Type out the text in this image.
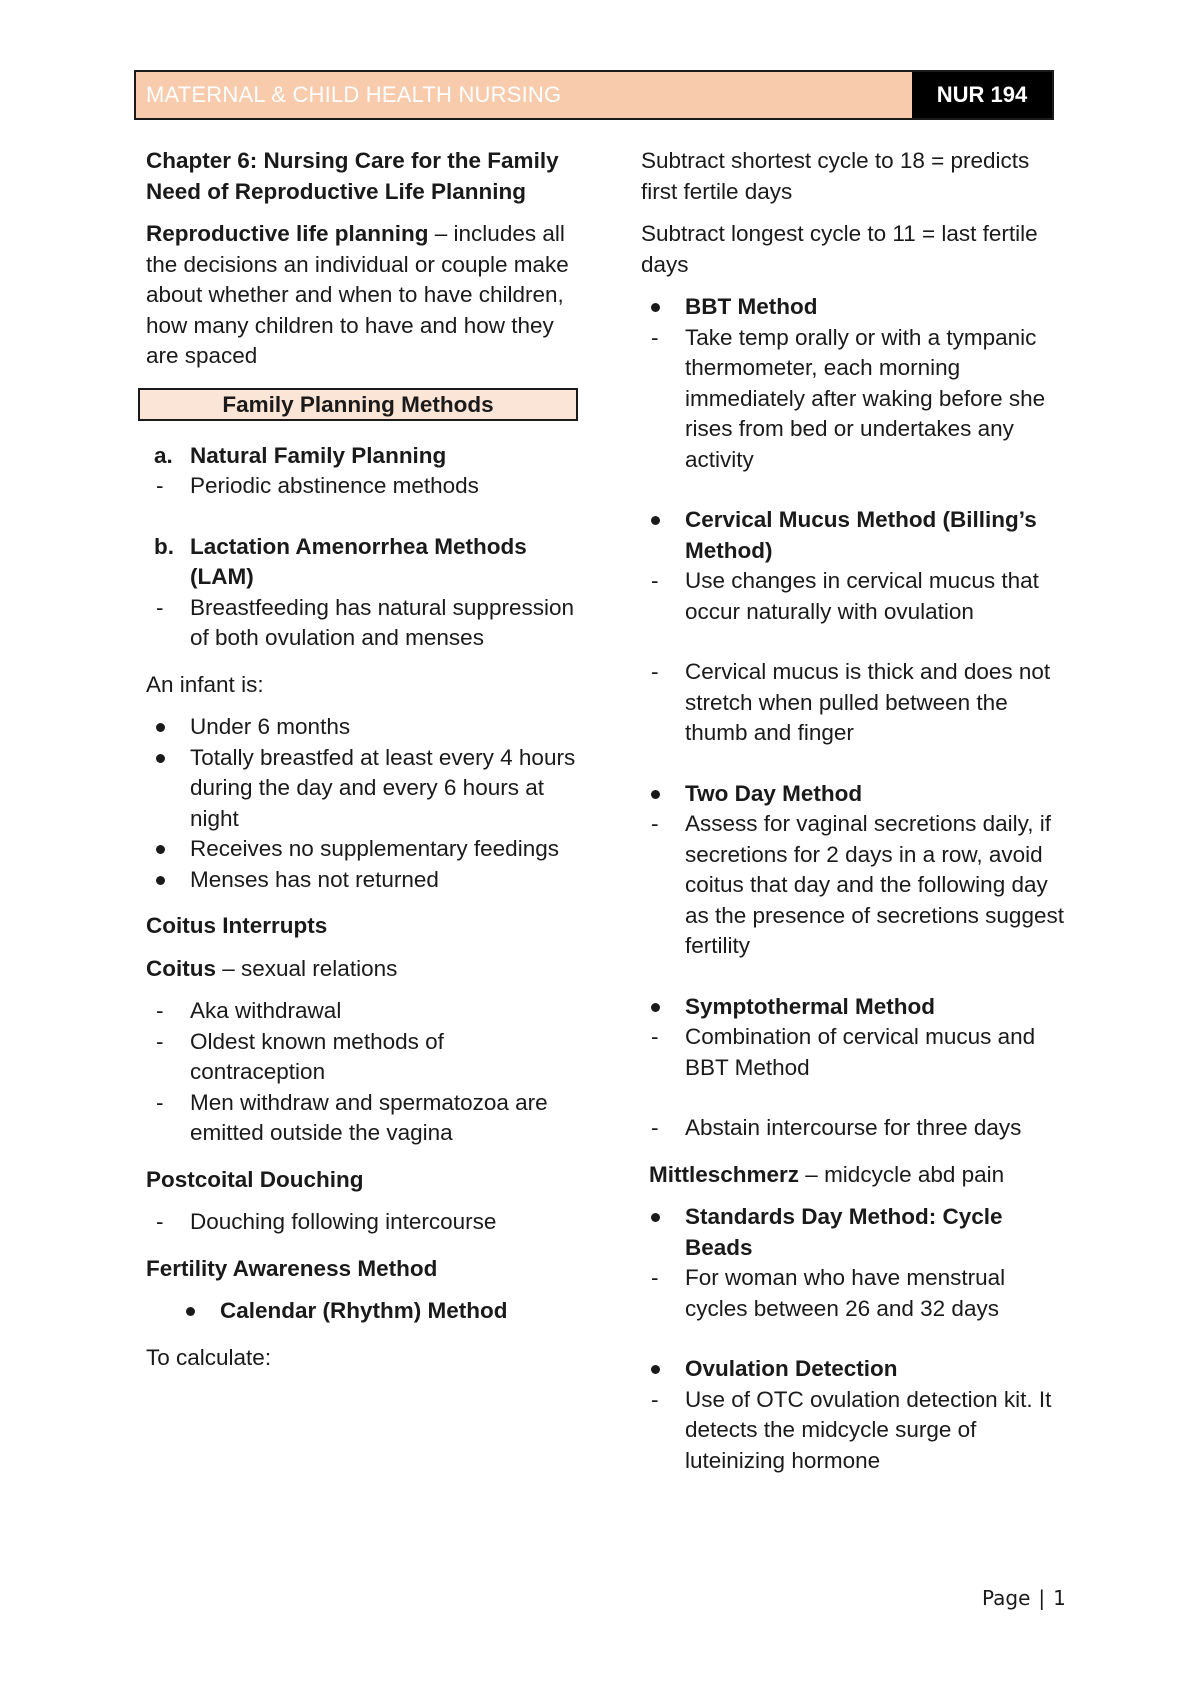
MATERNAL & CHILD HEALTH NURSING	NUR 194

Chapter 6: Nursing Care for the Family Need of Reproductive Life Planning

Reproductive life planning – includes all the decisions an individual or couple make about whether and when to have children, how many children to have and how they are spaced

Family Planning Methods
a. Natural Family Planning
- Periodic abstinence methods
b. Lactation Amenorrhea Methods (LAM)
- Breastfeeding has natural suppression of both ovulation and menses

An infant is:

Under 6 months
Totally breastfed at least every 4 hours during the day and every 6 hours at night
Receives no supplementary feedings
Menses has not returned

Coitus Interrupts

Coitus – sexual relations

- Aka withdrawal
- Oldest known methods of contraception
- Men withdraw and spermatozoa are emitted outside the vagina

Postcoital Douching

- Douching following intercourse

Fertility Awareness Method

Calendar (Rhythm) Method

To calculate:

Subtract shortest cycle to 18 = predicts first fertile days

Subtract longest cycle to 11 = last fertile days

BBT Method
- Take temp orally or with a tympanic thermometer, each morning immediately after waking before she rises from bed or undertakes any activity
Cervical Mucus Method (Billing’s Method)
- Use changes in cervical mucus that occur naturally with ovulation
- Cervical mucus is thick and does not stretch when pulled between the thumb and finger
Two Day Method
- Assess for vaginal secretions daily, if secretions for 2 days in a row, avoid coitus that day and the following day as the presence of secretions suggest fertility
Symptothermal Method
- Combination of cervical mucus and BBT Method
- Abstain intercourse for three days

Mittleschmerz – midcycle abd pain

Standards Day Method: Cycle Beads
- For woman who have menstrual cycles between 26 and 32 days
Ovulation Detection
- Use of OTC ovulation detection kit. It detects the midcycle surge of luteinizing hormone
Page | 1
